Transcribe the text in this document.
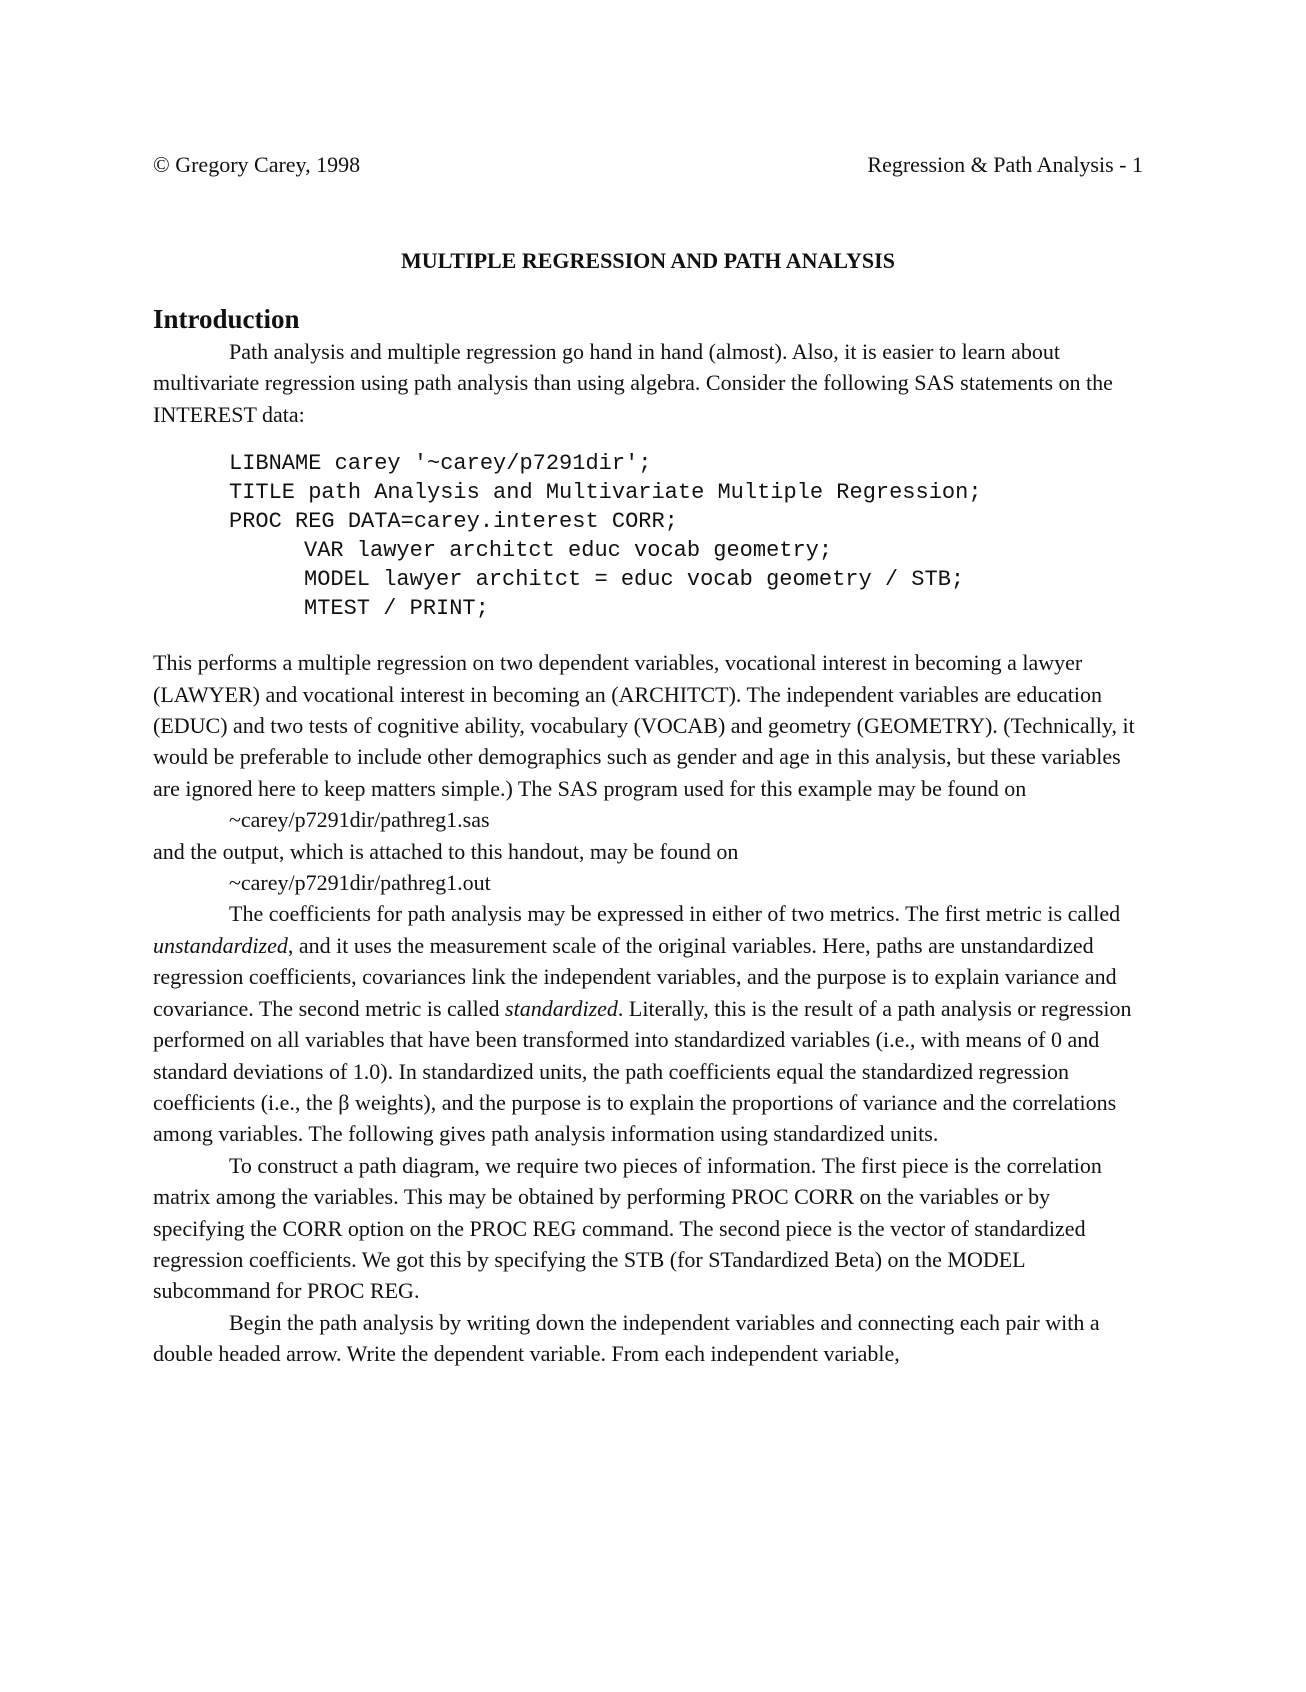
© Gregory Carey, 1998	Regression & Path Analysis - 1
MULTIPLE REGRESSION AND PATH ANALYSIS
Introduction

Path analysis and multiple regression go hand in hand (almost). Also, it is easier to learn about multivariate regression using path analysis than using algebra. Consider the following SAS statements on the INTEREST data:

LIBNAME carey '~carey/p7291dir';
TITLE path Analysis and Multivariate Multiple Regression;
PROC REG DATA=carey.interest CORR;
VAR lawyer architct educ vocab geometry;
MODEL lawyer architct = educ vocab geometry / STB;
MTEST / PRINT;

This performs a multiple regression on two dependent variables, vocational interest in becoming a lawyer (LAWYER) and vocational interest in becoming an (ARCHITCT). The independent variables are education (EDUC) and two tests of cognitive ability, vocabulary (VOCAB) and geometry (GEOMETRY). (Technically, it would be preferable to include other demographics such as gender and age in this analysis, but these variables are ignored here to keep matters simple.) The SAS program used for this example may be found on

~carey/p7291dir/pathreg1.sas

and the output, which is attached to this handout, may be found on

~carey/p7291dir/pathreg1.out

The coefficients for path analysis may be expressed in either of two metrics. The first metric is called unstandardized, and it uses the measurement scale of the original variables. Here, paths are unstandardized regression coefficients, covariances link the independent variables, and the purpose is to explain variance and covariance. The second metric is called standardized. Literally, this is the result of a path analysis or regression performed on all variables that have been transformed into standardized variables (i.e., with means of 0 and standard deviations of 1.0). In standardized units, the path coefficients equal the standardized regression coefficients (i.e., the β weights), and the purpose is to explain the proportions of variance and the correlations among variables. The following gives path analysis information using standardized units.

To construct a path diagram, we require two pieces of information. The first piece is the correlation matrix among the variables. This may be obtained by performing PROC CORR on the variables or by specifying the CORR option on the PROC REG command. The second piece is the vector of standardized regression coefficients. We got this by specifying the STB (for STandardized Beta) on the MODEL subcommand for PROC REG.

Begin the path analysis by writing down the independent variables and connecting each pair with a double headed arrow. Write the dependent variable. From each independent variable,
